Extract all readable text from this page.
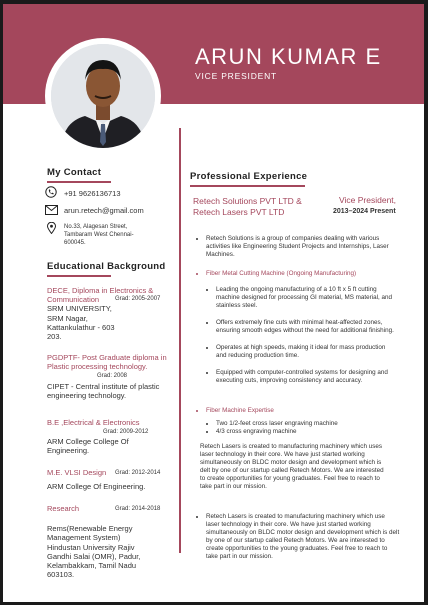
ARUN KUMAR E
VICE PRESIDENT
My Contact
+91 9626136713
arun.retech@gmail.com
No.33, Alagesan Street, Tambaram West Chennai- 600045.
Educational Background
DECE, Diploma in Electronics & Communication	Grad: 2005-2007
SRM UNIVERSITY,
SRM Nagar, Kattankulathur - 603 203.
PGDPTF- Post Graduate diploma in Plastic processing technology.
Grad: 2008
CIPET - Central institute of plastic engineering technology.
B.E ,Electrical & Electronics
Grad: 2009-2012
ARM College College Of Engineering.
M.E. VLSI Design Grad: 2012-2014
ARM College Of Engineering.
Research	Grad: 2014-2018
Rems(Renewable Energy Management System)
Hindustan University Rajiv Gandhi Salai (OMR), Padur, Kelambakkam, Tamil Nadu 603103.
Professional Experience
Retech Solutions PVT LTD & Retech Lasers PVT LTD
Vice President,
2013–2024 Present
• Retech Solutions is a group of companies dealing with various activities like Engineering Student Projects and Internships, Laser Machines.
• Fiber Metal Cutting Machine (Ongoing Manufacturing)
• Leading the ongoing manufacturing of a 10 ft x 5 ft cutting machine designed for processing GI material, MS material, and stainless steel.
• Offers extremely fine cuts with minimal heat-affected zones, ensuring smooth edges without the need for additional finishing.
• Operates at high speeds, making it ideal for mass production and reducing production time.
• Equipped with computer-controlled systems for designing and executing cuts, improving consistency and accuracy.
• Fiber Machine Expertise
• Two 1/2-feet cross laser engraving machine
• 4/3 cross engraving machine
Retech Lasers is created to manufacturing machinery which uses laser technology in their core. We have just started working simultaneously on BLDC motor design and development which is delt by one of our startup called Retech Motors. We are interested to create opportunities for young graduates. Feel free to reach to take part in our mission.
• Retech Lasers is created to manufacturing machinery which use laser technology in their core. We have just started working simultaneously on BLDC motor design and development which is delt by one of our startup called Retech Motors. We are interested to create opportunities to the young graduates. Feel free to reach to take part in our mission.
